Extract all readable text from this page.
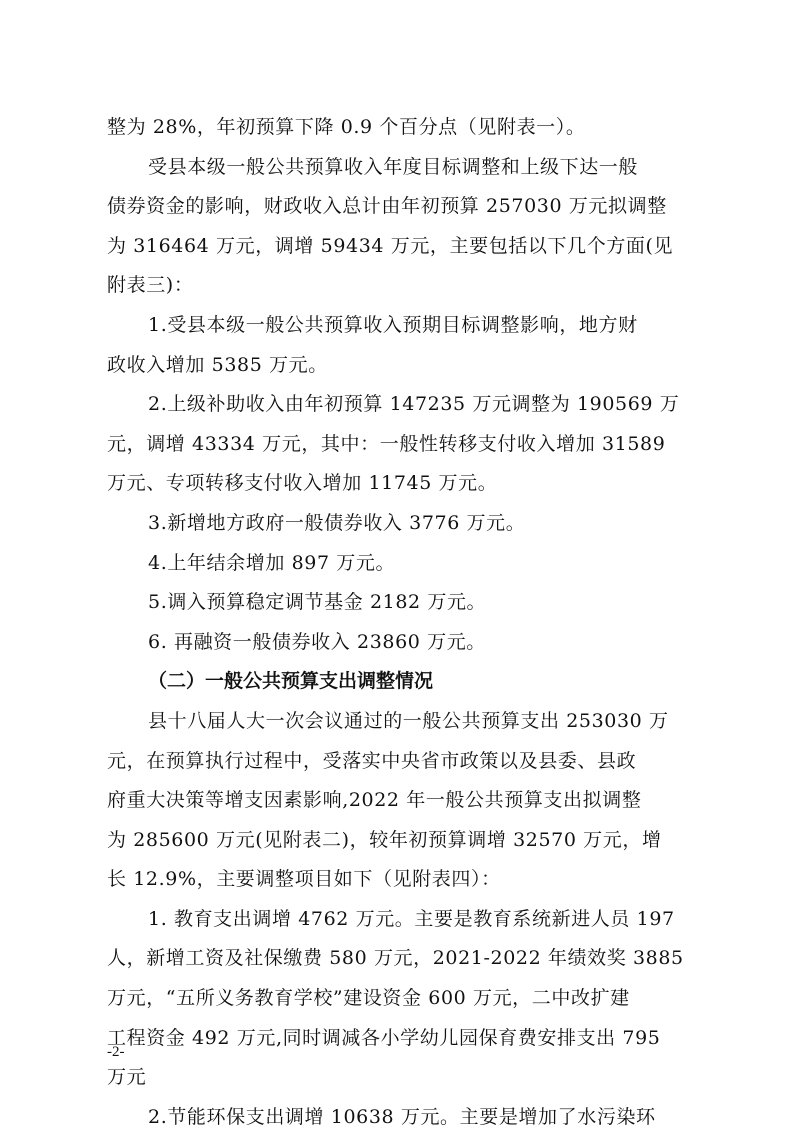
整为 28%，年初预算下降 0.9 个百分点（见附表一）。
受县本级一般公共预算收入年度目标调整和上级下达一般
债券资金的影响，财政收入总计由年初预算 257030 万元拟调整
为 316464 万元，调增 59434 万元，主要包括以下几个方面(见
附表三)：
1.受县本级一般公共预算收入预期目标调整影响，地方财
政收入增加 5385 万元。
2.上级补助收入由年初预算 147235 万元调整为 190569 万
元，调增 43334 万元，其中：一般性转移支付收入增加 31589
万元、专项转移支付收入增加 11745 万元。
3.新增地方政府一般债券收入 3776 万元。
4.上年结余增加 897 万元。
5.调入预算稳定调节基金 2182 万元。
6. 再融资一般债券收入 23860 万元。
（二）一般公共预算支出调整情况
县十八届人大一次会议通过的一般公共预算支出 253030 万
元，在预算执行过程中，受落实中央省市政策以及县委、县政
府重大决策等增支因素影响,2022 年一般公共预算支出拟调整
为 285600 万元(见附表二)，较年初预算调增 32570 万元，增
长 12.9%，主要调整项目如下（见附表四）：
1. 教育支出调增 4762 万元。主要是教育系统新进人员 197
人，新增工资及社保缴费 580 万元，2021-2022 年绩效奖 3885
万元，“五所义务教育学校”建设资金 600 万元，二中改扩建
工程资金 492 万元,同时调减各小学幼儿园保育费安排支出 795
万元
2.节能环保支出调增 10638 万元。主要是增加了水污染环
-2-
